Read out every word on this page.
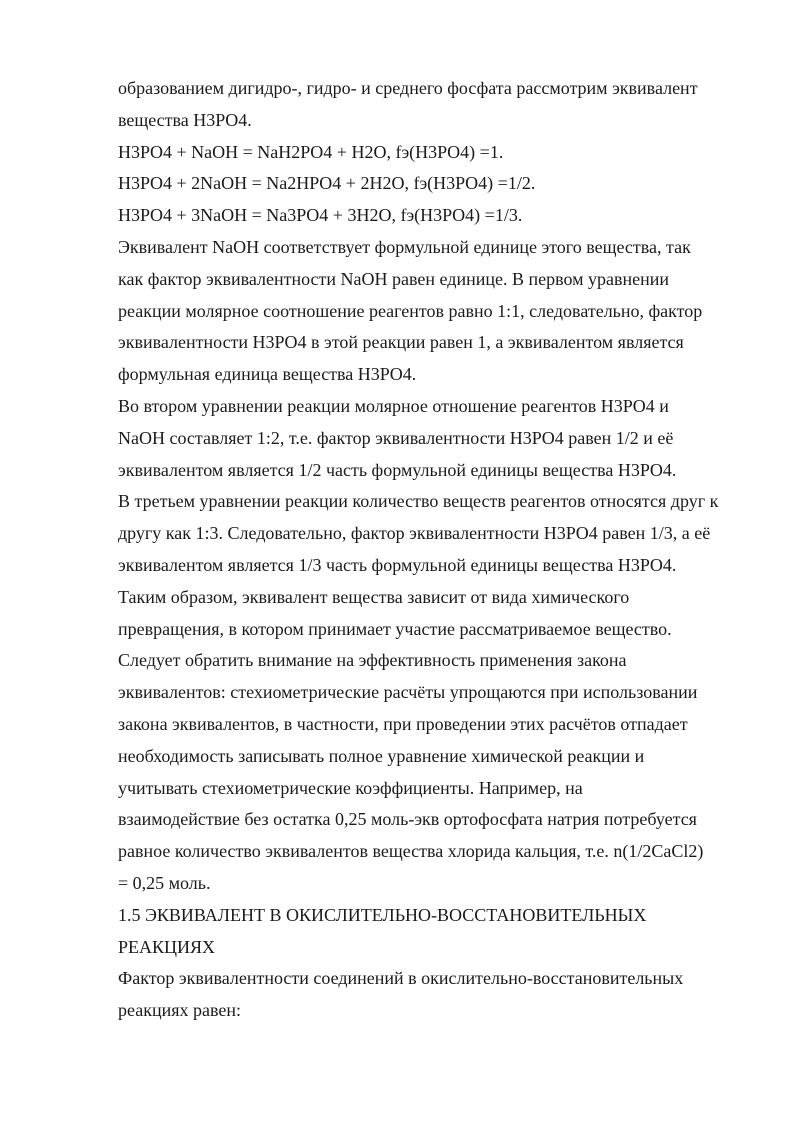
образованием дигидро-, гидро- и среднего фосфата рассмотрим эквивалент
вещества H3PO4.
H3PO4 + NaOH = NaH2PO4 + H2O, fэ(H3PO4) =1.
H3PO4 + 2NaOH = Na2HPO4 + 2H2O, fэ(H3PO4) =1/2.
H3PO4 + 3NaOH = Na3PO4 + 3H2O, fэ(H3PO4) =1/3.
Эквивалент NaOH соответствует формульной единице этого вещества, так
как фактор эквивалентности NaOH равен единице. В первом уравнении
реакции молярное соотношение реагентов равно 1:1, следовательно, фактор
эквивалентности H3PO4 в этой реакции равен 1, а эквивалентом является
формульная единица вещества H3PO4.
Во втором уравнении реакции молярное отношение реагентов H3PO4 и
NaOH составляет 1:2, т.е. фактор эквивалентности H3PO4 равен 1/2 и её
эквивалентом является 1/2 часть формульной единицы вещества H3PO4.
В третьем уравнении реакции количество веществ реагентов относятся друг к
другу как 1:3. Следовательно, фактор эквивалентности H3PO4 равен 1/3, а её
эквивалентом является 1/3 часть формульной единицы вещества H3PO4.
Таким образом, эквивалент вещества зависит от вида химического
превращения, в котором принимает участие рассматриваемое вещество.
Следует обратить внимание на эффективность применения закона
эквивалентов: стехиометрические расчёты упрощаются при использовании
закона эквивалентов, в частности, при проведении этих расчётов отпадает
необходимость записывать полное уравнение химической реакции и
учитывать стехиометрические коэффициенты. Например, на
взаимодействие без остатка 0,25 моль-экв ортофосфата натрия потребуется
равное количество эквивалентов вещества хлорида кальция, т.е. n(1/2CaCl2)
= 0,25 моль.
1.5 ЭКВИВАЛЕНТ В ОКИСЛИТЕЛЬНО-ВОССТАНОВИТЕЛЬНЫХ
РЕАКЦИЯХ
Фактор эквивалентности соединений в окислительно-восстановительных
реакциях равен:
